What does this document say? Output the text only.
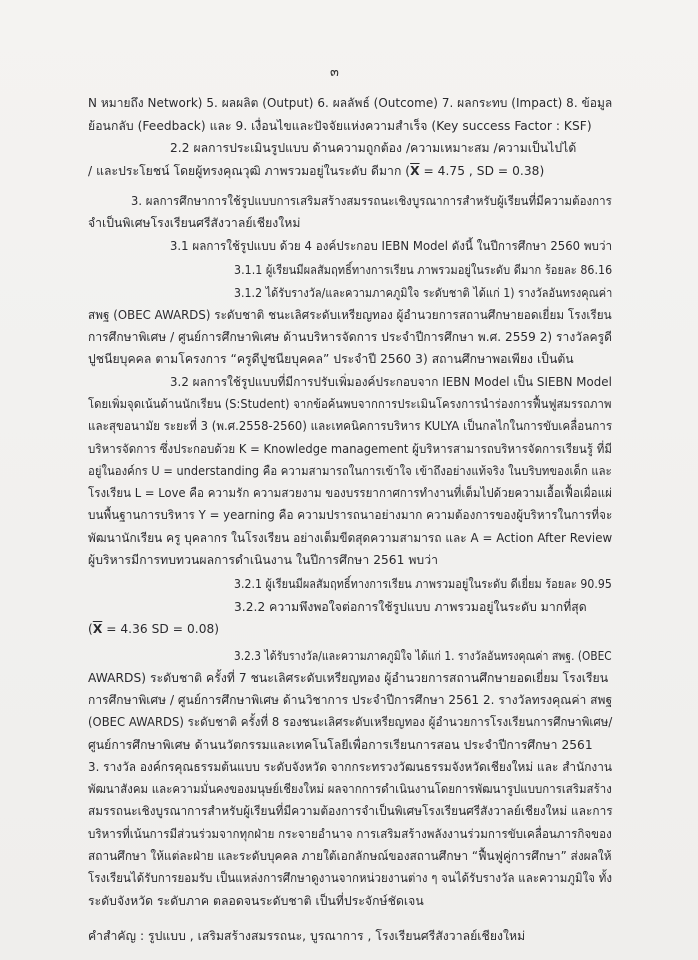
๓
N หมายถึง Network) 5. ผลผลิต (Output) 6. ผลลัพธ์ (Outcome) 7. ผลกระทบ (Impact) 8. ข้อมูล
ย้อนกลับ (Feedback) และ 9. เงื่อนไขและปัจจัยแห่งความสำเร็จ (Key success Factor : KSF)
2.2 ผลการประเมินรูปแบบ ด้านความถูกต้อง /ความเหมาะสม /ความเป็นไปได้
/ และประโยชน์ โดยผู้ทรงคุณวุฒิ ภาพรวมอยู่ในระดับ ดีมาก ($\overline{X} = 4.75$ , SD = 0.38)
3. ผลการศึกษาการใช้รูปแบบการเสริมสร้างสมรรถนะเชิงบูรณาการสำหรับผู้เรียนที่มีความต้องการ
จำเป็นพิเศษโรงเรียนศรีสังวาลย์เชียงใหม่
3.1 ผลการใช้รูปแบบ ด้วย 4 องค์ประกอบ IEBN Model ดังนี้ ในปีการศึกษา 2560 พบว่า
3.1.1 ผู้เรียนมีผลสัมฤทธิ์ทางการเรียน ภาพรวมอยู่ในระดับ ดีมาก ร้อยละ 86.16
3.1.2 ได้รับรางวัล/และความภาคภูมิใจ ระดับชาติ ได้แก่ 1) รางวัลอันทรงคุณค่า
สพฐ (OBEC AWARDS) ระดับชาติ ชนะเลิศระดับเหรียญทอง ผู้อำนวยการสถานศึกษายอดเยี่ยม โรงเรียน
การศึกษาพิเศษ / ศูนย์การศึกษาพิเศษ ด้านบริหารจัดการ ประจำปีการศึกษา พ.ศ. 2559 2) รางวัลครูดี
ปูชนียบุคคล ตามโครงการ “ครูดีปูชนียบุคคล” ประจำปี 2560 3) สถานศึกษาพอเพียง เป็นต้น
3.2 ผลการใช้รูปแบบที่มีการปรับเพิ่มองค์ประกอบจาก IEBN Model เป็น SIEBN Model
โดยเพิ่มจุดเน้นด้านนักเรียน (S:Student) จากข้อค้นพบจากการประเมินโครงการนำร่องการฟื้นฟูสมรรถภาพ
และสุขอนามัย ระยะที่ 3 (พ.ศ.2558-2560) และเทคนิคการบริหาร KULYA เป็นกลไกในการขับเคลื่อนการ
บริหารจัดการ ซึ่งประกอบด้วย K = Knowledge management ผู้บริหารสามารถบริหารจัดการเรียนรู้ ที่มี
อยู่ในองค์กร U = understanding คือ ความสามารถในการเข้าใจ เข้าถึงอย่างแท้จริง ในบริบทของเด็ก และ
โรงเรียน L = Love คือ ความรัก ความสวยงาม ของบรรยากาศการทำงานที่เต็มไปด้วยความเอื้อเฟื้อเผื่อแผ่
บนพื้นฐานการบริหาร Y = yearning คือ ความปรารถนาอย่างมาก ความต้องการของผู้บริหารในการที่จะ
พัฒนานักเรียน ครู บุคลากร ในโรงเรียน อย่างเต็มขีดสุดความสามารถ และ A = Action After Review
ผู้บริหารมีการทบทวนผลการดำเนินงาน ในปีการศึกษา 2561 พบว่า
3.2.1 ผู้เรียนมีผลสัมฤทธิ์ทางการเรียน ภาพรวมอยู่ในระดับ ดีเยี่ยม ร้อยละ 90.95
3.2.2 ความพึงพอใจต่อการใช้รูปแบบ ภาพรวมอยู่ในระดับ มากที่สุด
($\overline{X} = 4.36$ SD = 0.08)
3.2.3 ได้รับรางวัล/และความภาคภูมิใจ ได้แก่ 1. รางวัลอันทรงคุณค่า สพฐ. (OBEC
AWARDS) ระดับชาติ ครั้งที่ 7 ชนะเลิศระดับเหรียญทอง ผู้อำนวยการสถานศึกษายอดเยี่ยม โรงเรียน
การศึกษาพิเศษ / ศูนย์การศึกษาพิเศษ ด้านวิชาการ ประจำปีการศึกษา 2561 2. รางวัลทรงคุณค่า สพฐ
(OBEC AWARDS) ระดับชาติ ครั้งที่ 8 รองชนะเลิศระดับเหรียญทอง ผู้อำนวยการโรงเรียนการศึกษาพิเศษ/
ศูนย์การศึกษาพิเศษ ด้านนวัตกรรมและเทคโนโลยีเพื่อการเรียนการสอน ประจำปีการศึกษา 2561
3. รางวัล องค์กรคุณธรรมต้นแบบ ระดับจังหวัด จากกระทรวงวัฒนธรรมจังหวัดเชียงใหม่ และ สำนักงาน
พัฒนาสังคม และความมั่นคงของมนุษย์เชียงใหม่ ผลจากการดำเนินงานโดยการพัฒนารูปแบบการเสริมสร้าง
สมรรถนะเชิงบูรณาการสำหรับผู้เรียนที่มีความต้องการจำเป็นพิเศษโรงเรียนศรีสังวาลย์เชียงใหม่ และการ
บริหารที่เน้นการมีส่วนร่วมจากทุกฝ่าย กระจายอำนาจ การเสริมสร้างพลังงานร่วมการขับเคลื่อนภารกิจของ
สถานศึกษา ให้แต่ละฝ่าย และระดับบุคคล ภายใต้เอกลักษณ์ของสถานศึกษา “ฟื้นฟูคู่การศึกษา” ส่งผลให้
โรงเรียนได้รับการยอมรับ เป็นแหล่งการศึกษาดูงานจากหน่วยงานต่าง ๆ จนได้รับรางวัล และความภูมิใจ ทั้ง
ระดับจังหวัด ระดับภาค ตลอดจนระดับชาติ เป็นที่ประจักษ์ชัดเจน
คำสำคัญ : รูปแบบ , เสริมสร้างสมรรถนะ, บูรณาการ , โรงเรียนศรีสังวาลย์เชียงใหม่
